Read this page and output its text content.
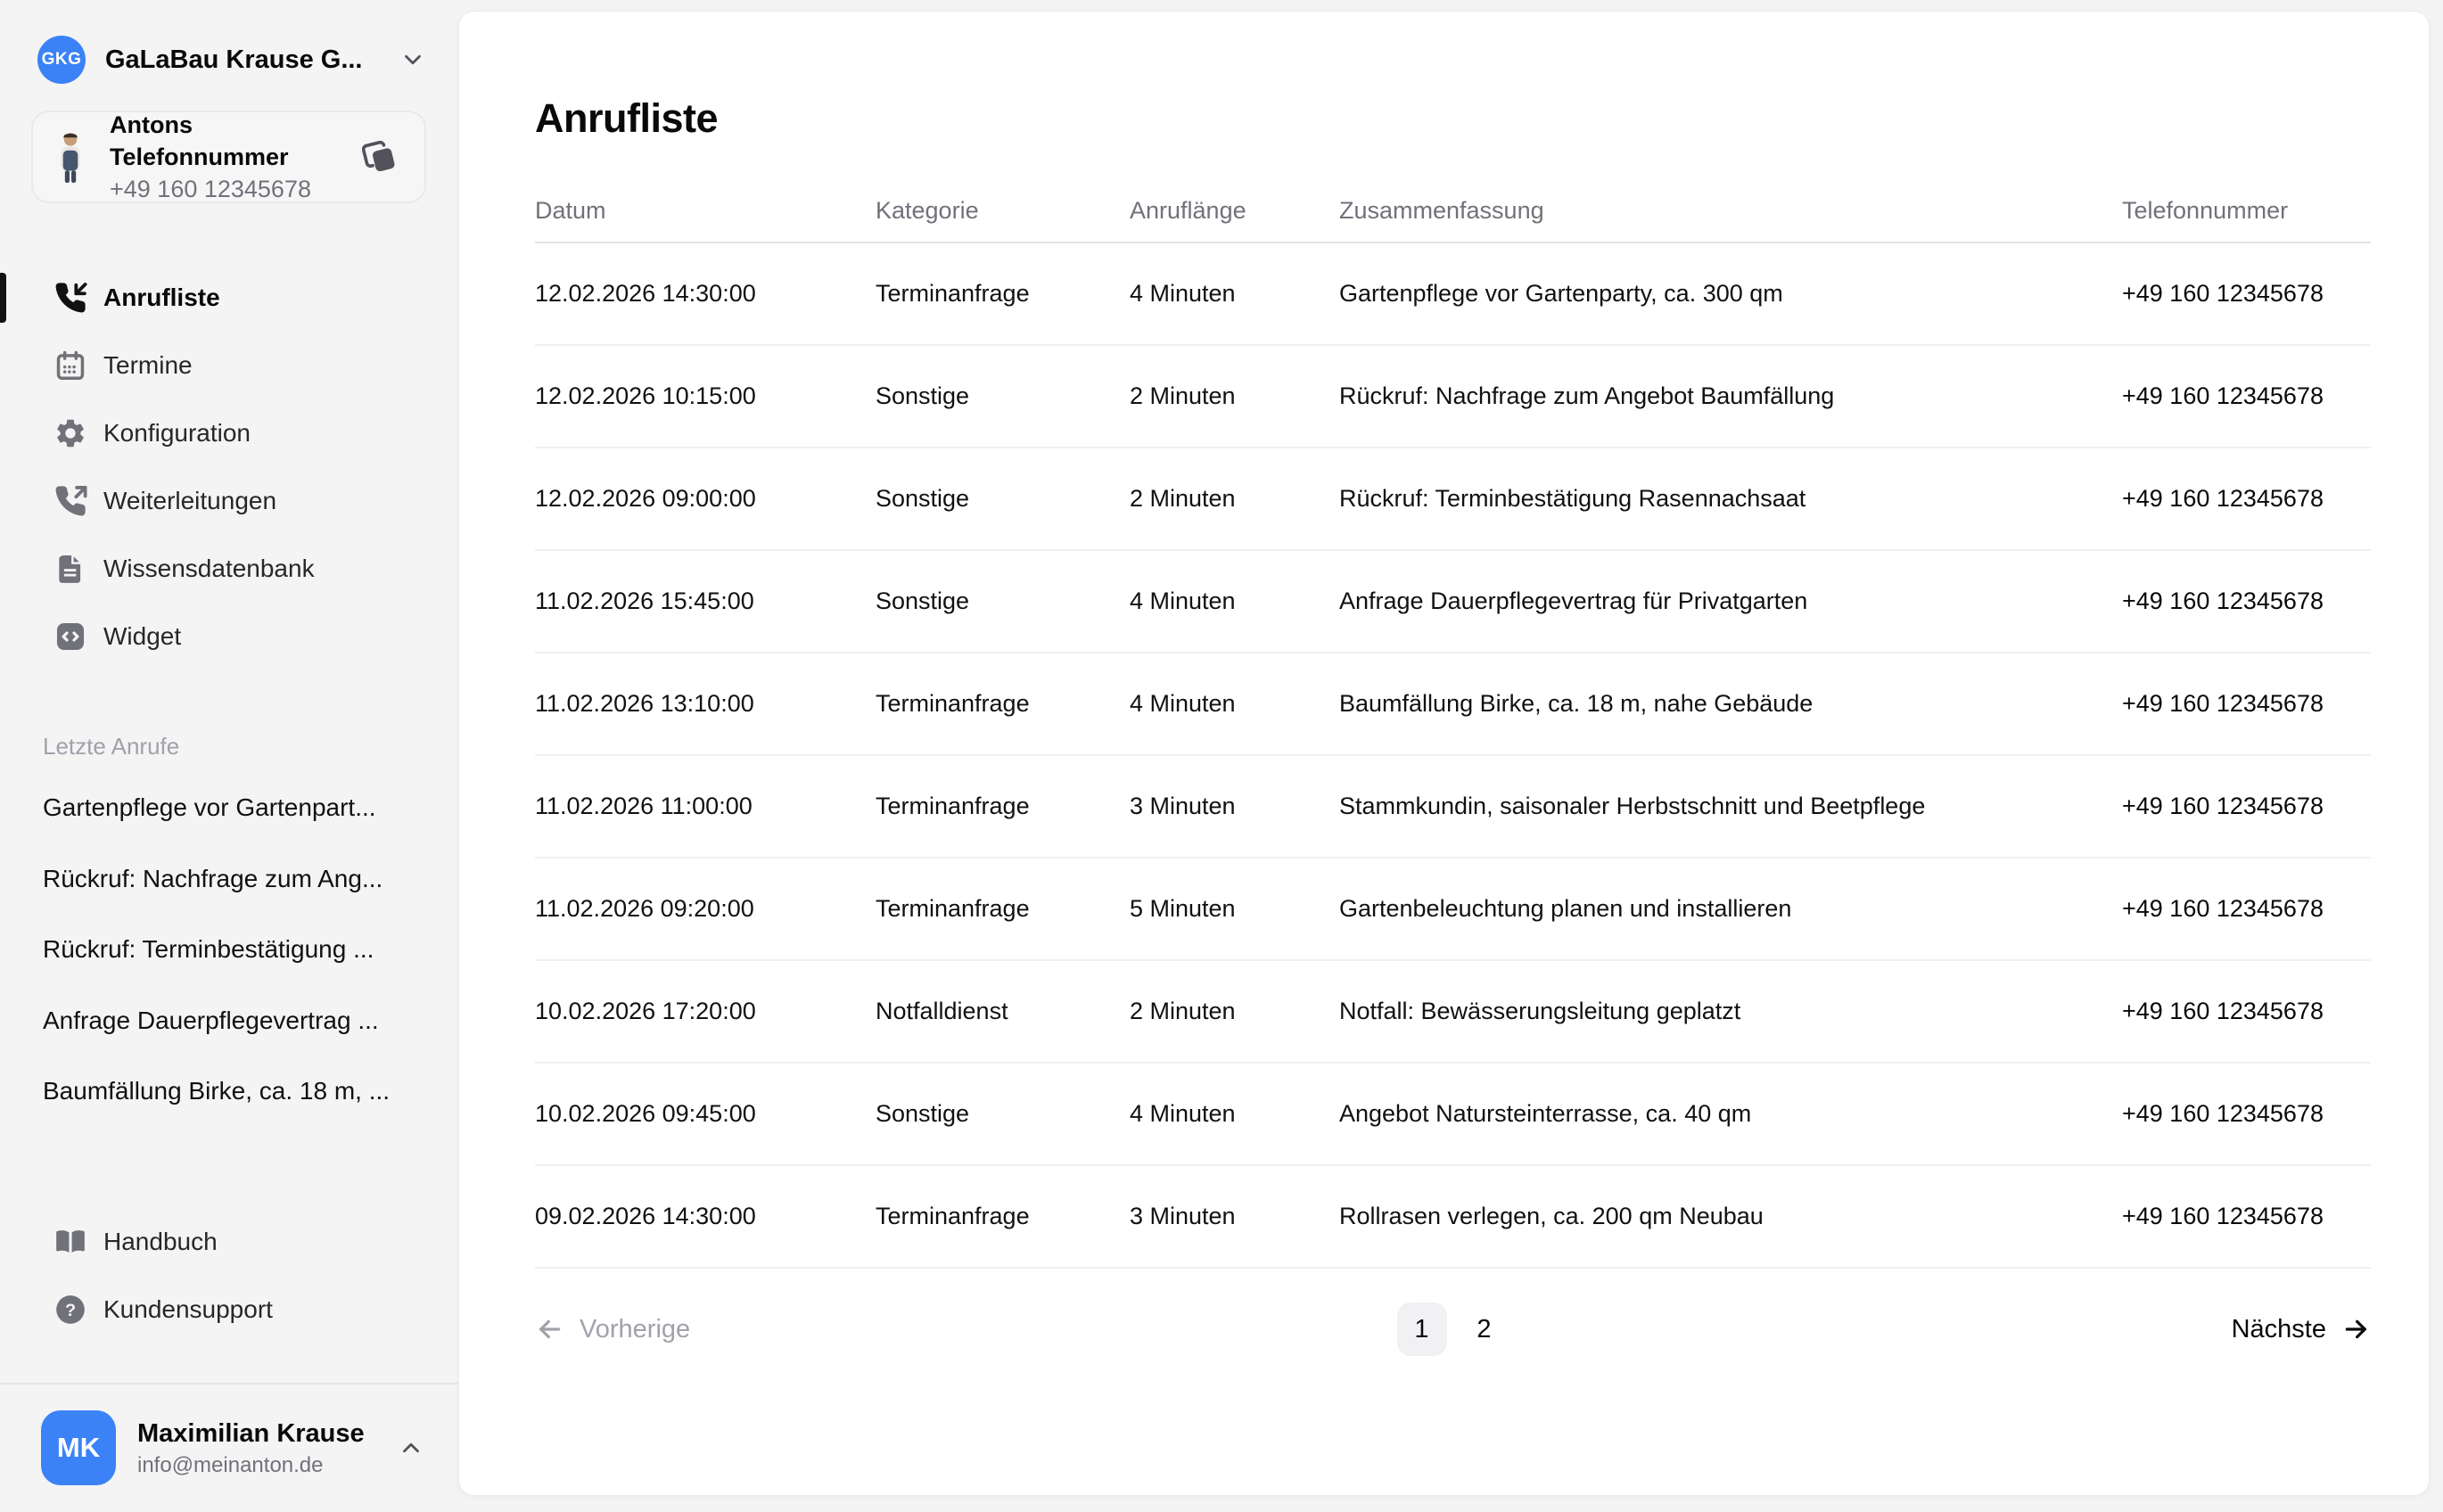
GKG GaLaBau Krause G...
Antons Telefonnummer
+49 160 12345678
Anrufliste
Termine
Konfiguration
Weiterleitungen
Wissensdatenbank
Widget
Letzte Anrufe
Gartenpflege vor Gartenpart...
Rückruf: Nachfrage zum Ang...
Rückruf: Terminbestätigung ...
Anfrage Dauerpflegevertrag ...
Baumfällung Birke, ca. 18 m, ...
Handbuch
? Kundensupport
MK	Maximilian Krause
info@meinanton.de
Anrufliste
Datum	Kategorie	Anruflänge	Zusammenfassung	Telefonnummer
12.02.2026 14:30:00	Terminanfrage	4 Minuten	Gartenpflege vor Gartenparty, ca. 300 qm	+49 160 12345678
12.02.2026 10:15:00	Sonstige	2 Minuten	Rückruf: Nachfrage zum Angebot Baumfällung	+49 160 12345678
12.02.2026 09:00:00	Sonstige	2 Minuten	Rückruf: Terminbestätigung Rasennachsaat	+49 160 12345678
11.02.2026 15:45:00	Sonstige	4 Minuten	Anfrage Dauerpflegevertrag für Privatgarten	+49 160 12345678
11.02.2026 13:10:00	Terminanfrage	4 Minuten	Baumfällung Birke, ca. 18 m, nahe Gebäude	+49 160 12345678
11.02.2026 11:00:00	Terminanfrage	3 Minuten	Stammkundin, saisonaler Herbstschnitt und Beetpflege	+49 160 12345678
11.02.2026 09:20:00	Terminanfrage	5 Minuten	Gartenbeleuchtung planen und installieren	+49 160 12345678
10.02.2026 17:20:00	Notfalldienst	2 Minuten	Notfall: Bewässerungsleitung geplatzt	+49 160 12345678
10.02.2026 09:45:00	Sonstige	4 Minuten	Angebot Natursteinterrasse, ca. 40 qm	+49 160 12345678
09.02.2026 14:30:00	Terminanfrage	3 Minuten	Rollrasen verlegen, ca. 200 qm Neubau	+49 160 12345678
Vorherige	1	2	Nächste
